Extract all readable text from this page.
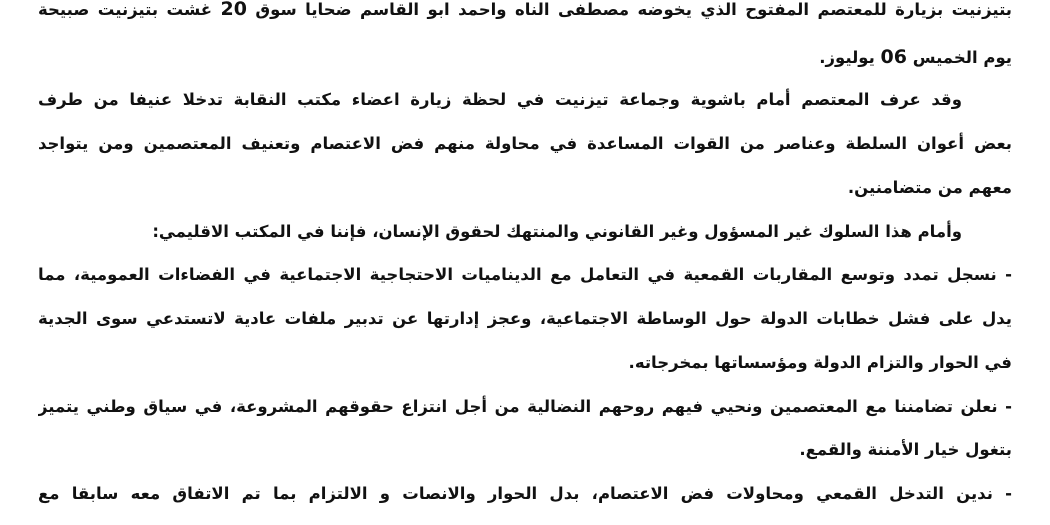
بتيزنيت بزيارة للمعتصم المفتوح الذي يخوضه مصطفى الناه واحمد ابو القاسم ضحايا سوق 20 غشت بتيزنيت صبيحة
يوم الخميس 06 يوليوز.
وقد عرف المعتصم أمام باشوية وجماعة تيزنيت في لحظة زيارة اعضاء مكتب النقابة تدخلا عنيفا من طرف
بعض أعوان السلطة وعناصر من القوات المساعدة في محاولة منهم فض الاعتصام وتعنيف المعتصمين ومن يتواجد
معهم من متضامنين.
وأمام هذا السلوك غير المسؤول وغير القانوني والمنتهك لحقوق الإنسان، فإننا في المكتب الاقليمي:
- نسجل تمدد وتوسع المقاربات القمعية في التعامل مع الديناميات الاحتجاجية الاجتماعية في الفضاءات العمومية، مما
يدل على فشل خطابات الدولة حول الوساطة الاجتماعية، وعجز إدارتها عن تدبير ملفات عادية لاتستدعي سوى الجدية
في الحوار والتزام الدولة ومؤسساتها بمخرجاته.
- نعلن تضامننا مع المعتصمين ونحيي فيهم روحهم النضالية من أجل انتزاع حقوقهم المشروعة، في سياق وطني يتميز
بتغول خيار الأمننة والقمع.
- ندين التدخل القمعي ومحاولات فض الاعتصام، بدل الحوار والانصات و الالتزام بما تم الاتفاق معه سابقا مع
